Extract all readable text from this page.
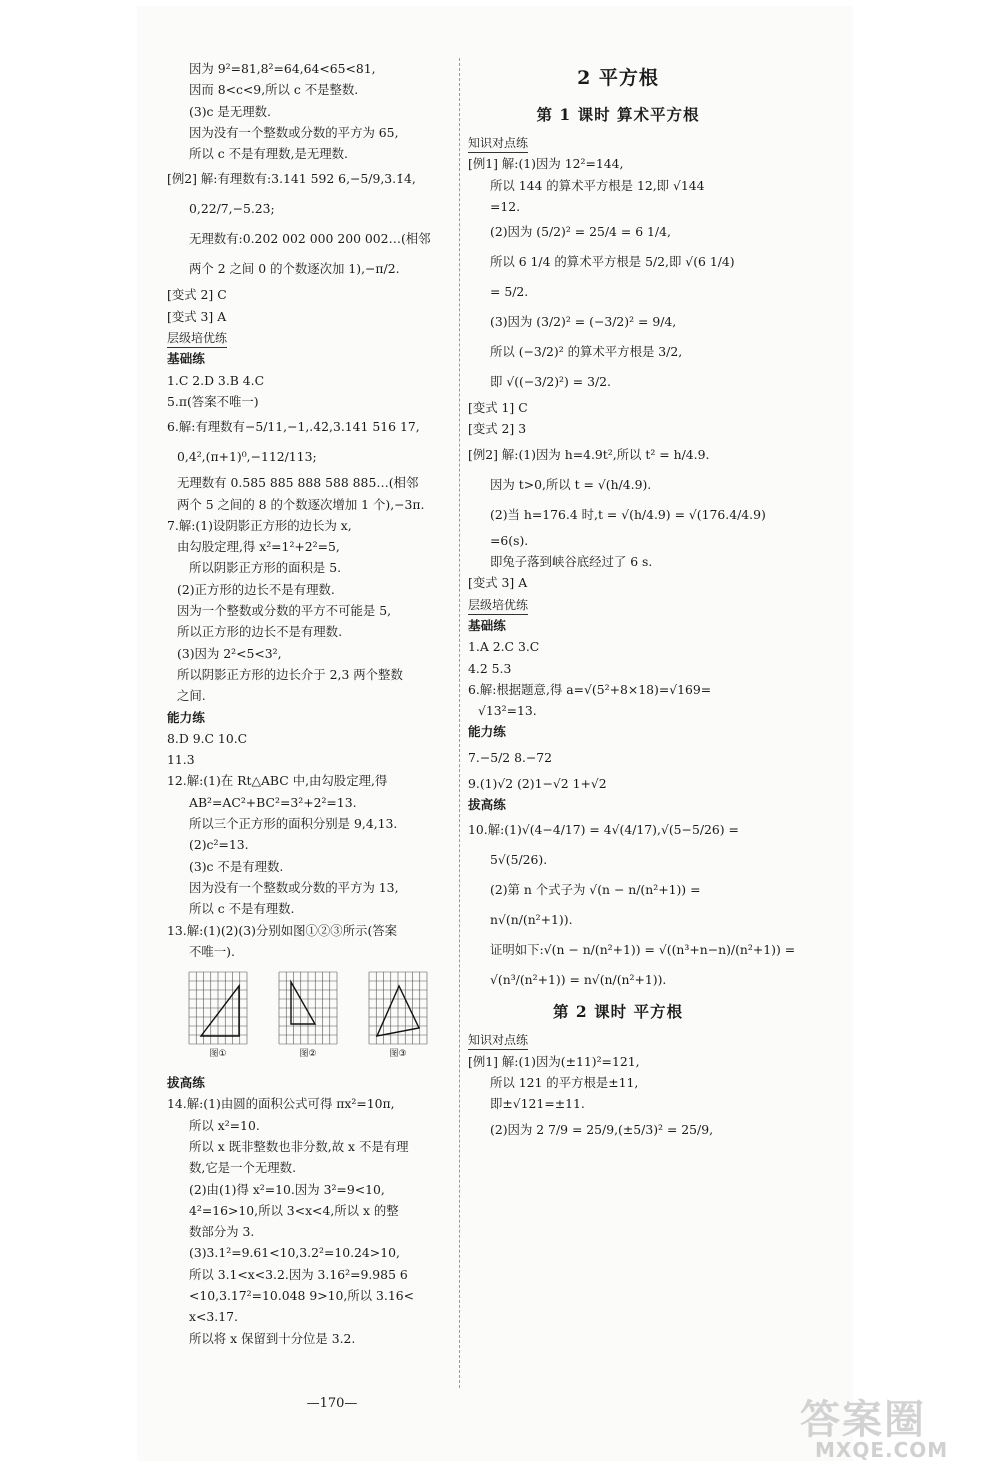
因为 9²=81,8²=64,64<65<81,
因而 8<c<9,所以 c 不是整数.
(3)c 是无理数.
因为没有一个整数或分数的平方为 65,
所以 c 不是有理数,是无理数.
[例2] 解:有理数有:3.141 592 6,−5/9,3.1̇4̇,
0,22/7,−5.23̇;
无理数有:0.202 002 000 200 002…(相邻
两个 2 之间 0 的个数逐次加 1),−π/2.
[变式 2] C
[变式 3] A
层级培优练
基础练
1.C 2.D 3.B 4.C
5.π(答案不唯一)
6.解:有理数有−5/11,−1,.4̇2̇,3.141 516 17,
0,4²,(π+1)⁰,−112/113;
无理数有 0.585 885 888 588 885…(相邻
两个 5 之间的 8 的个数逐次增加 1 个),−3π.
7.解:(1)设阴影正方形的边长为 x,
由勾股定理,得 x²=1²+2²=5,
所以阴影正方形的面积是 5.
(2)正方形的边长不是有理数.
因为一个整数或分数的平方不可能是 5,
所以正方形的边长不是有理数.
(3)因为 2²<5<3²,
所以阴影正方形的边长介于 2,3 两个整数
之间.
能力练
8.D 9.C 10.C
11.3
12.解:(1)在 Rt△ABC 中,由勾股定理,得
AB²=AC²+BC²=3²+2²=13.
所以三个正方形的面积分别是 9,4,13.
(2)c²=13.
(3)c 不是有理数.
因为没有一个整数或分数的平方为 13,
所以 c 不是有理数.
13.解:(1)(2)(3)分别如图①②③所示(答案
不唯一).
图①	图②	图③
拔高练
14.解:(1)由圆的面积公式可得 πx²=10π,
所以 x²=10.
所以 x 既非整数也非分数,故 x 不是有理
数,它是一个无理数.
(2)由(1)得 x²=10.因为 3²=9<10,
4²=16>10,所以 3<x<4,所以 x 的整
数部分为 3.
(3)3.1²=9.61<10,3.2²=10.24>10,
所以 3.1<x<3.2.因为 3.16²=9.985 6
<10,3.17²=10.048 9>10,所以 3.16<
x<3.17.
所以将 x 保留到十分位是 3.2.
2 平方根
第 1 课时 算术平方根
知识对点练
[例1] 解:(1)因为 12²=144,
所以 144 的算术平方根是 12,即 √144
=12.
(2)因为 (5/2)² = 25/4 = 6 1/4,
所以 6 1/4 的算术平方根是 5/2,即 √(6 1/4)
= 5/2.
(3)因为 (3/2)² = (−3/2)² = 9/4,
所以 (−3/2)² 的算术平方根是 3/2,
即 √((−3/2)²) = 3/2.
[变式 1] C
[变式 2] 3
[例2] 解:(1)因为 h=4.9t²,所以 t² = h/4.9.
因为 t>0,所以 t = √(h/4.9).
(2)当 h=176.4 时,t = √(h/4.9) = √(176.4/4.9)
=6(s).
即兔子落到峡谷底经过了 6 s.
[变式 3] A
层级培优练
基础练
1.A 2.C 3.C
4.2 5.3
6.解:根据题意,得 a=√(5²+8×18)=√169=
√13²=13.
能力练
7.−5/2 8.−72
9.(1)√2 (2)1−√2 1+√2
拔高练
10.解:(1)√(4−4/17) = 4√(4/17),√(5−5/26) =
5√(5/26).
(2)第 n 个式子为 √(n − n/(n²+1)) =
n√(n/(n²+1)).
证明如下:√(n − n/(n²+1)) = √((n³+n−n)/(n²+1)) =
√(n³/(n²+1)) = n√(n/(n²+1)).
第 2 课时 平方根
知识对点练
[例1] 解:(1)因为(±11)²=121,
所以 121 的平方根是±11,
即±√121=±11.
(2)因为 2 7/9 = 25/9,(±5/3)² = 25/9,
—170—	答案圈
MXQE.COM
